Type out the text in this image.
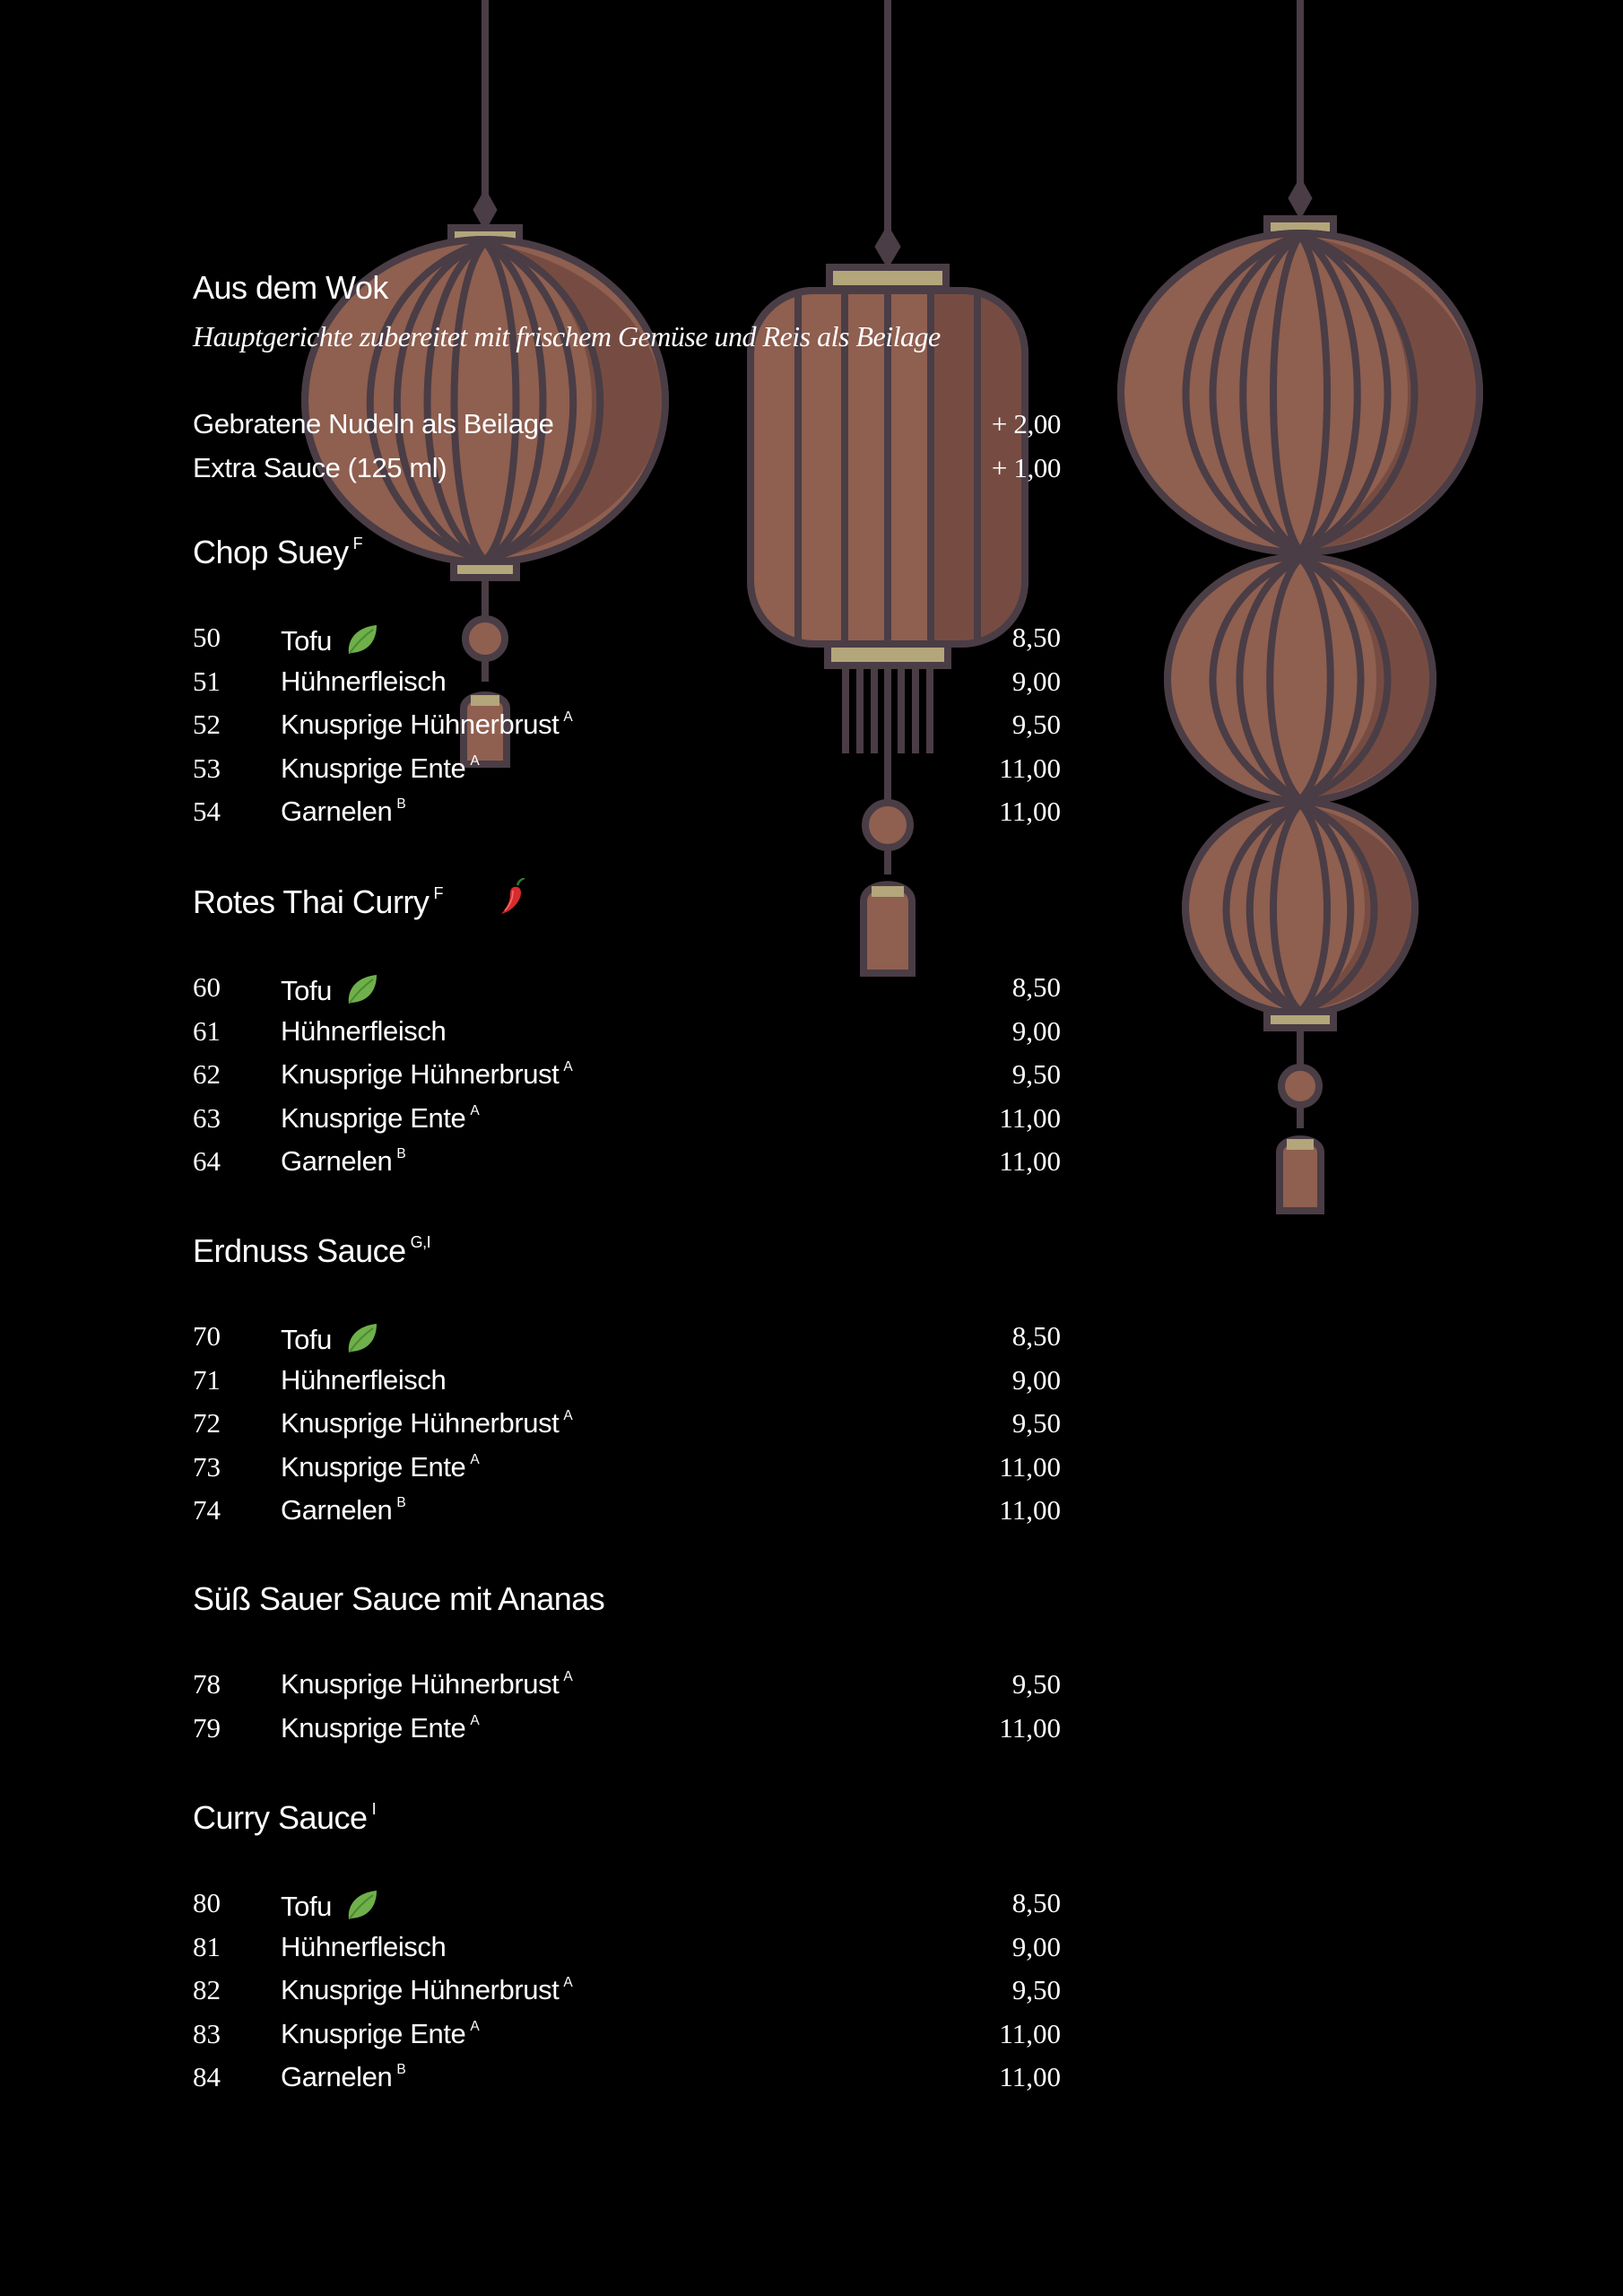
Aus dem Wok
Hauptgerichte zubereitet mit frischem Gemüse und Reis als Beilage
Gebratene Nudeln als Beilage	+ 2,00
Extra Sauce (125 ml)	+ 1,00
Chop Suey $^F$
50 Tofu	8,50
51 Hühnerfleisch	9,00
52 Knusprige Hühnerbrust $^A$	9,50
53 Knusprige Ente $^A$	11,00
54 Garnelen $^B$	11,00
Rotes Thai Curry $^F$
60 Tofu	8,50
61 Hühnerfleisch	9,00
62 Knusprige Hühnerbrust $^A$	9,50
63 Knusprige Ente $^A$	11,00
64 Garnelen $^B$	11,00
Erdnuss Sauce $^{G,I}$
70 Tofu	8,50
71 Hühnerfleisch	9,00
72 Knusprige Hühnerbrust $^A$	9,50
73 Knusprige Ente $^A$	11,00
74 Garnelen $^B$	11,00
Süß Sauer Sauce mit Ananas
78 Knusprige Hühnerbrust $^A$	9,50
79 Knusprige Ente $^A$	11,00
Curry Sauce $^I$
80 Tofu	8,50
81 Hühnerfleisch	9,00
82 Knusprige Hühnerbrust $^A$	9,50
83 Knusprige Ente $^A$	11,00
84 Garnelen $^B$	11,00
